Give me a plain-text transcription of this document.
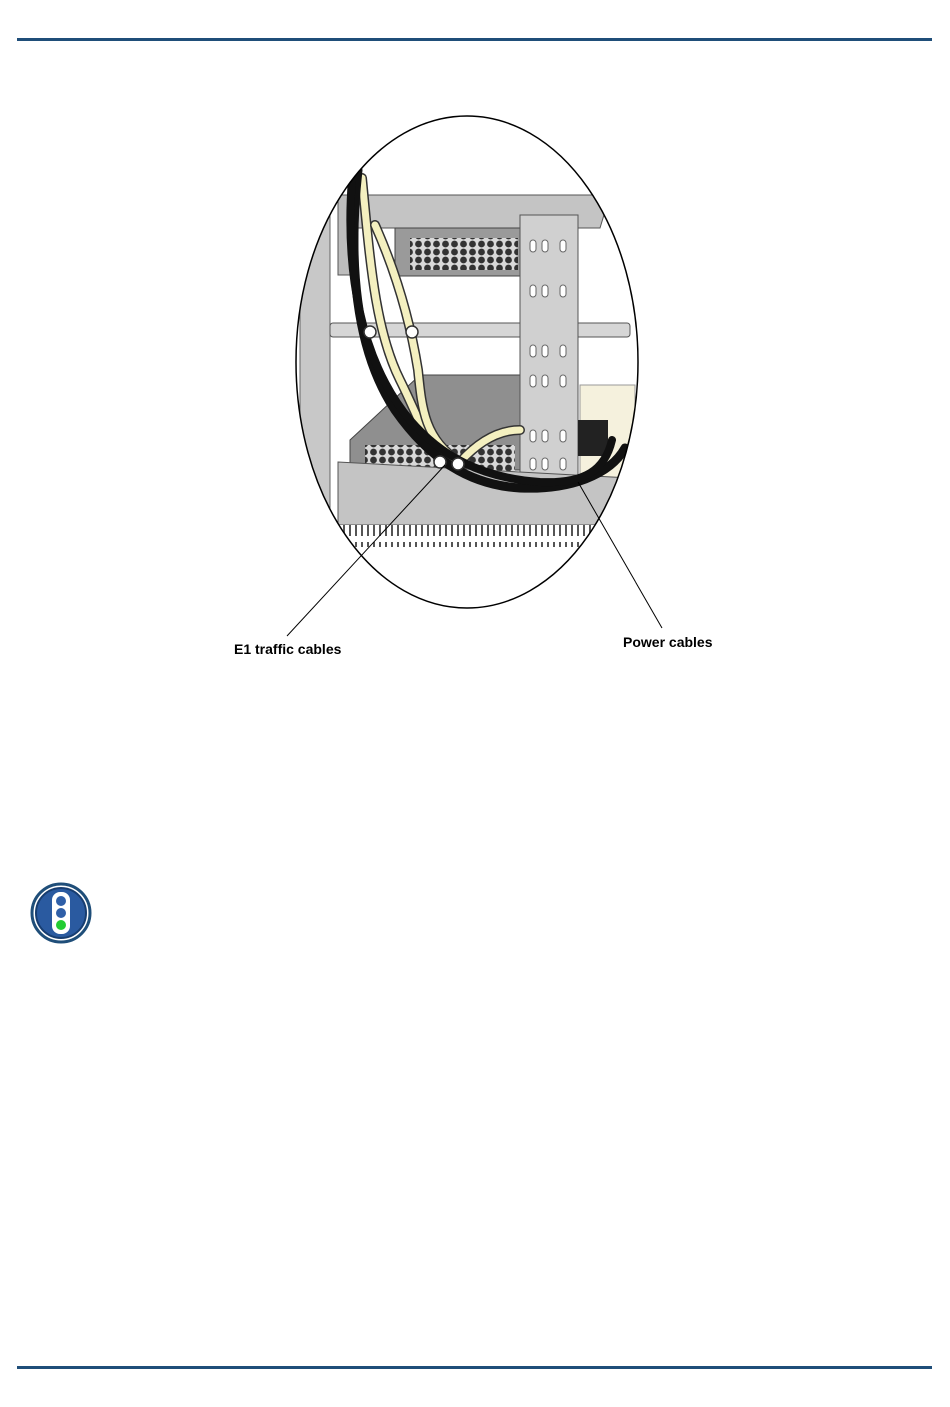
E1 traffic cables	Power cables
